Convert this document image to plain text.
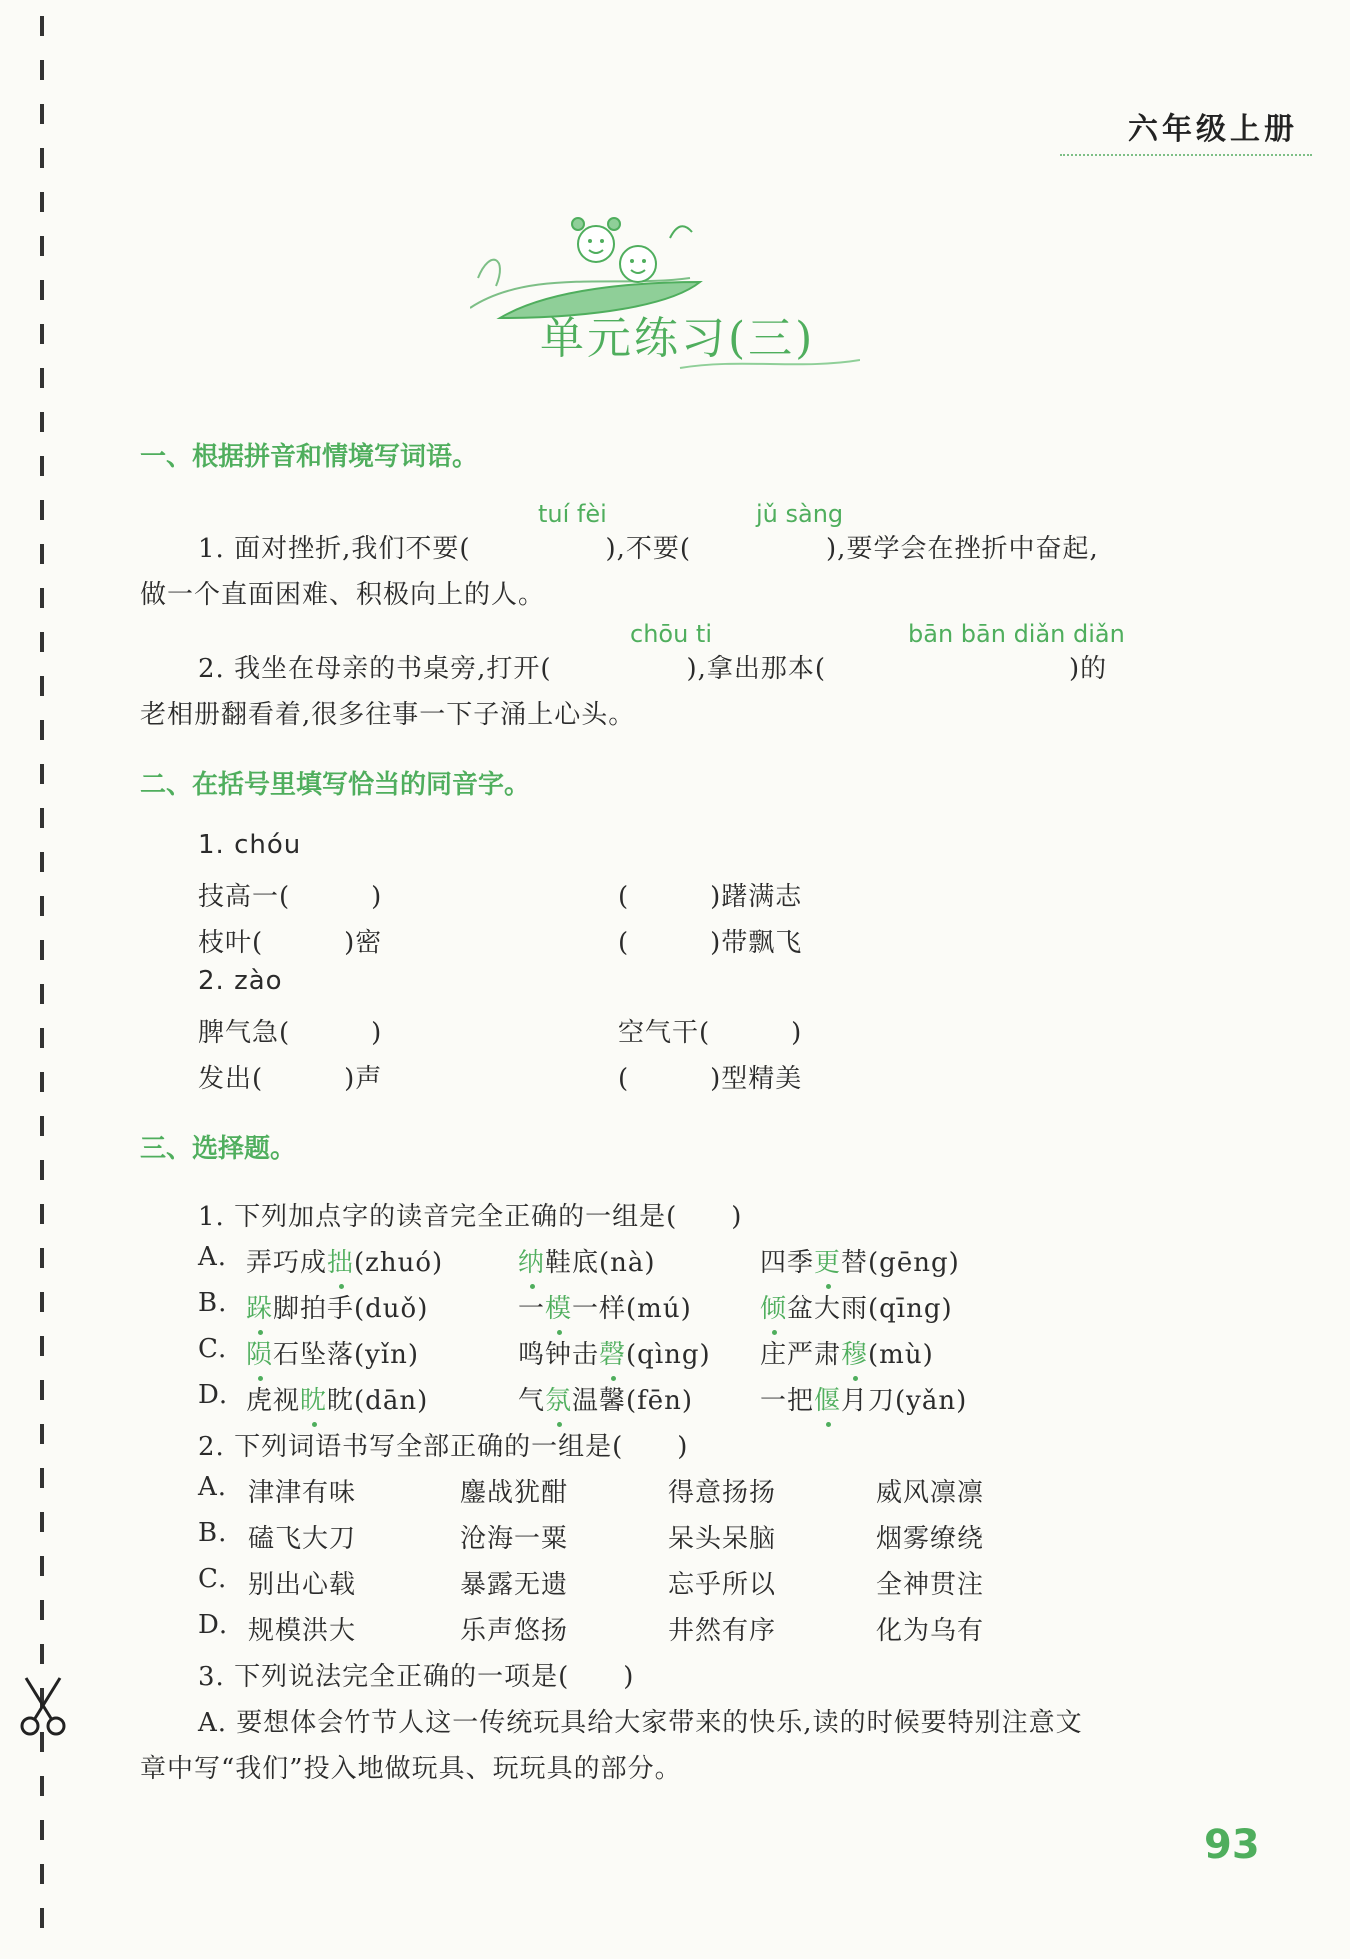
六年级上册
单元练习(三)
一、根据拼音和情境写词语。
tuí fèi	jǔ sàng
1. 面对挫折,我们不要(　　　　　),不要(　　　　　),要学会在挫折中奋起,
做一个直面困难、积极向上的人。
chōu ti	bān bān diǎn diǎn
2. 我坐在母亲的书桌旁,打开(　　　　　),拿出那本(　　　　　　　　　)的
老相册翻看着,很多往事一下子涌上心头。
二、在括号里填写恰当的同音字。
1. chóu
技高一(　　　)	(　　　)躇满志
枝叶(　　　)密	(　　　)带飘飞
2. zào
脾气急(　　　)	空气干(　　　)
发出(　　　)声	(　　　)型精美
三、选择题。
1. 下列加点字的读音完全正确的一组是(　　)
A. 弄巧成拙(zhuó)	纳鞋底(nà)	四季更替(gēng)
B. 跺脚拍手(duǒ)	一模一样(mú)	倾盆大雨(qīng)
C. 陨石坠落(yǐn)	鸣钟击磬(qìng) 庄严肃穆(mù)
D. 虎视眈眈(dān)	气氛温馨(fēn)	一把偃月刀(yǎn)
2. 下列词语书写全部正确的一组是(　　)
A. 津津有味	鏖战犹酣	得意扬扬	威风凛凛
B. 磕飞大刀	沧海一粟	呆头呆脑	烟雾缭绕
C. 别出心载	暴露无遗	忘乎所以	全神贯注
D. 规模洪大	乐声悠扬	井然有序	化为乌有
3. 下列说法完全正确的一项是(　　)
A. 要想体会竹节人这一传统玩具给大家带来的快乐,读的时候要特别注意文
章中写“我们”投入地做玩具、玩玩具的部分。
93
